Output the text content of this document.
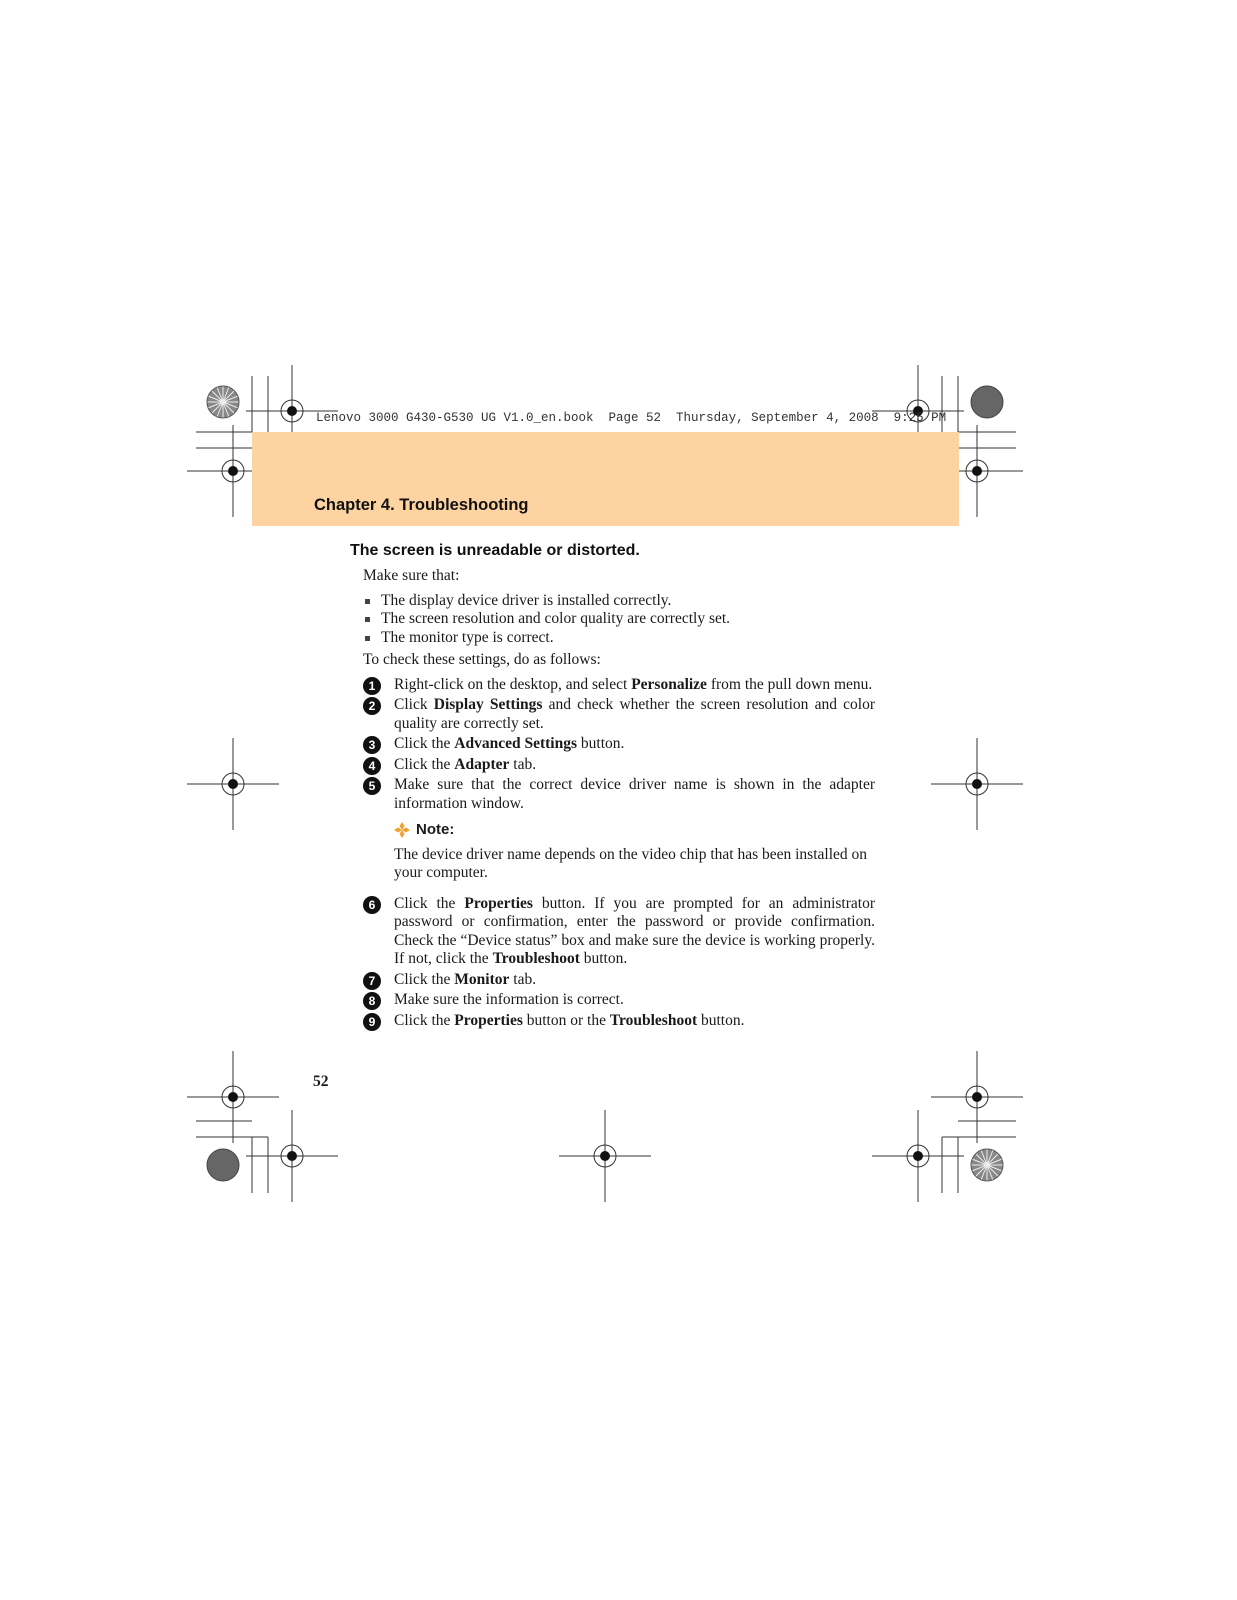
Lenovo 3000 G430-G530 UG V1.0_en.book  Page 52  Thursday, September 4, 2008  9:25 PM
Chapter 4. Troubleshooting
The screen is unreadable or distorted.

Make sure that:

The display device driver is installed correctly.
The screen resolution and color quality are correctly set.
The monitor type is correct.

To check these settings, do as follows:

1	Right-click on the desktop, and select Personalize from the pull down menu.
2	Click Display Settings and check whether the screen resolution and color quality are correctly set.
3	Click the Advanced Settings button.
4	Click the Adapter tab.
5	Make sure that the correct device driver name is shown in the adapter information window.
Note:
The device driver name depends on the video chip that has been installed on your computer.
6	Click the Properties button. If you are prompted for an administrator password or confirmation, enter the password or provide confirmation. Check the “Device status” box and make sure the device is working properly. If not, click the Troubleshoot button.
7	Click the Monitor tab.
8	Make sure the information is correct.
9	Click the Properties button or the Troubleshoot button.

52
